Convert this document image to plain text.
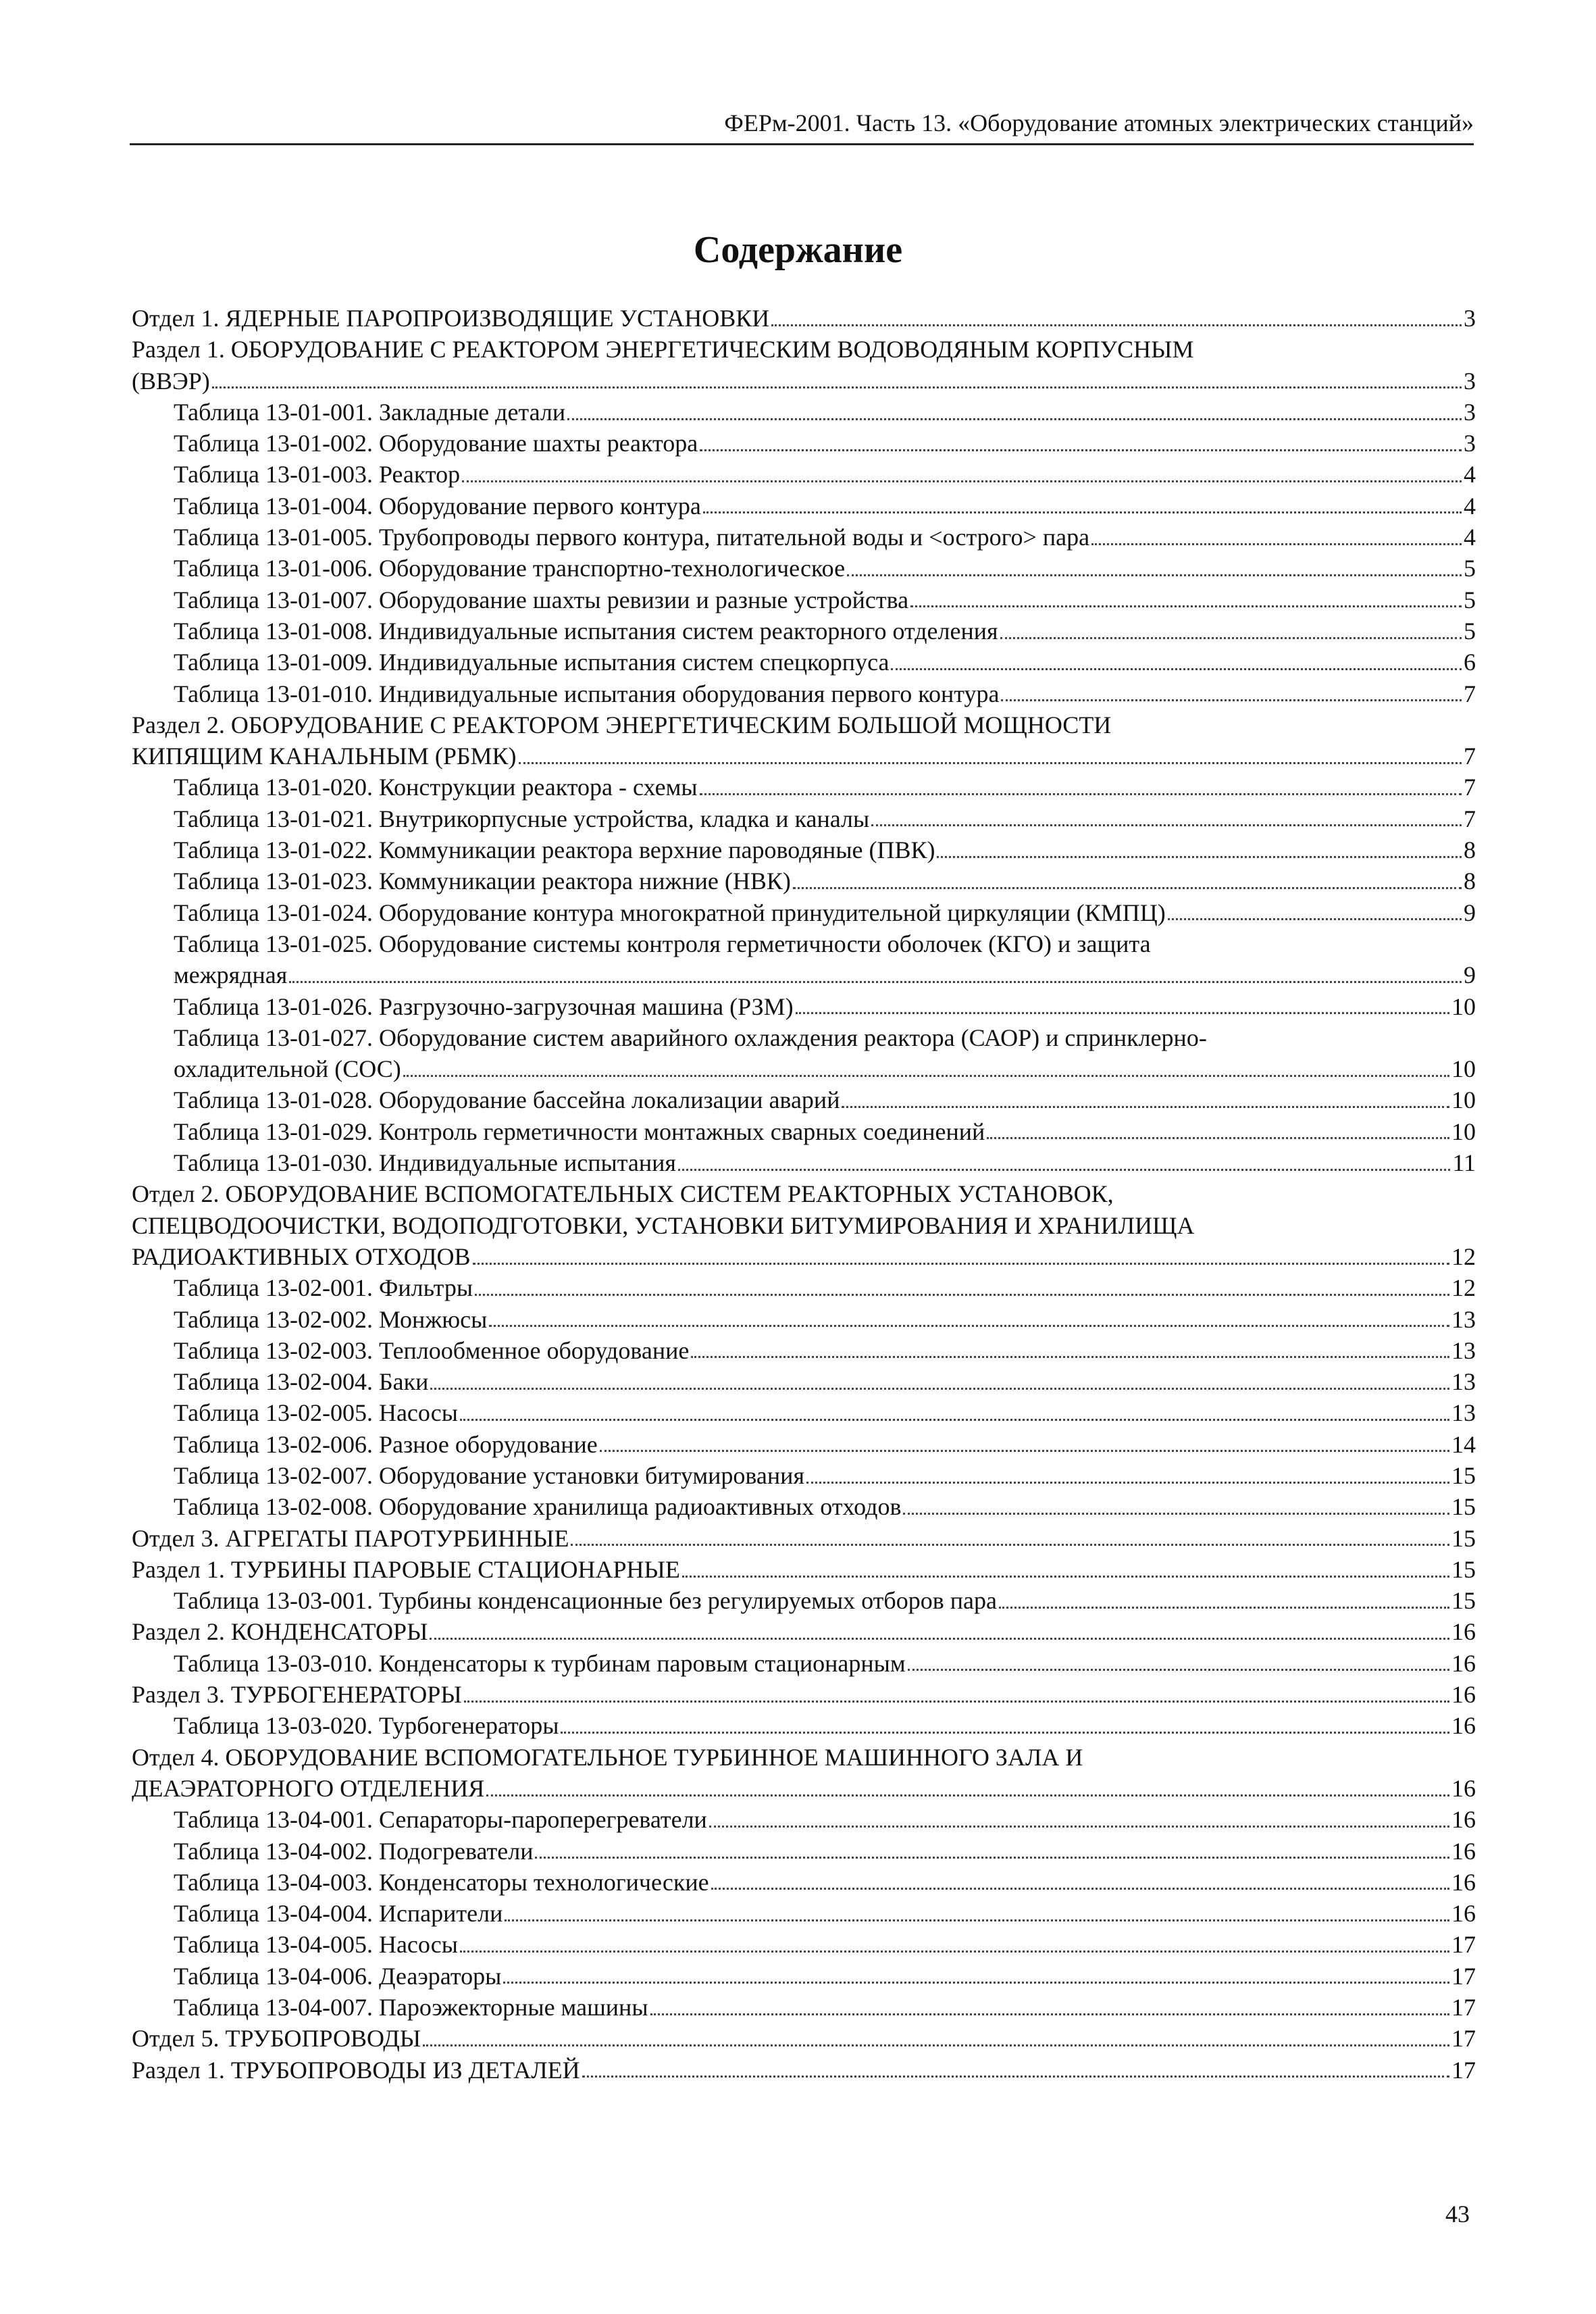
ФЕРм-2001. Часть 13. «Оборудование атомных электрических станций»
Содержание
Отдел 1. ЯДЕРНЫЕ ПАРОПРОИЗВОДЯЩИЕ УСТАНОВКИ	3
Раздел 1. ОБОРУДОВАНИЕ С РЕАКТОРОМ ЭНЕРГЕТИЧЕСКИМ ВОДОВОДЯНЫМ КОРПУСНЫМ
(ВВЭР)	3
Таблица 13-01-001. Закладные детали	3
Таблица 13-01-002. Оборудование шахты реактора	3
Таблица 13-01-003. Реактор	4
Таблица 13-01-004. Оборудование первого контура	4
Таблица 13-01-005. Трубопроводы первого контура, питательной воды и <острого> пара	4
Таблица 13-01-006. Оборудование транспортно-технологическое	5
Таблица 13-01-007. Оборудование шахты ревизии и разные устройства	5
Таблица 13-01-008. Индивидуальные испытания систем реакторного отделения	5
Таблица 13-01-009. Индивидуальные испытания систем спецкорпуса	6
Таблица 13-01-010. Индивидуальные испытания оборудования первого контура	7
Раздел 2. ОБОРУДОВАНИЕ С РЕАКТОРОМ ЭНЕРГЕТИЧЕСКИМ БОЛЬШОЙ МОЩНОСТИ
КИПЯЩИМ КАНАЛЬНЫМ (РБМК)	7
Таблица 13-01-020. Конструкции реактора - схемы	7
Таблица 13-01-021. Внутрикорпусные устройства, кладка и каналы	7
Таблица 13-01-022. Коммуникации реактора верхние пароводяные (ПВК)	8
Таблица 13-01-023. Коммуникации реактора нижние (НВК)	8
Таблица 13-01-024. Оборудование контура многократной принудительной циркуляции (КМПЦ)	9
Таблица 13-01-025. Оборудование системы контроля герметичности оболочек (КГО) и защита
межрядная	9
Таблица 13-01-026. Разгрузочно-загрузочная машина (РЗМ)	10
Таблица 13-01-027. Оборудование систем аварийного охлаждения реактора (САОР) и спринклерно-
охладительной (СОС)	10
Таблица 13-01-028. Оборудование бассейна локализации аварий	10
Таблица 13-01-029. Контроль герметичности монтажных сварных соединений	10
Таблица 13-01-030. Индивидуальные испытания	11
Отдел 2. ОБОРУДОВАНИЕ ВСПОМОГАТЕЛЬНЫХ СИСТЕМ РЕАКТОРНЫХ УСТАНОВОК,
СПЕЦВОДООЧИСТКИ, ВОДОПОДГОТОВКИ, УСТАНОВКИ БИТУМИРОВАНИЯ И ХРАНИЛИЩА
РАДИОАКТИВНЫХ ОТХОДОВ	12
Таблица 13-02-001. Фильтры	12
Таблица 13-02-002. Монжюсы	13
Таблица 13-02-003. Теплообменное оборудование	13
Таблица 13-02-004. Баки	13
Таблица 13-02-005. Насосы	13
Таблица 13-02-006. Разное оборудование	14
Таблица 13-02-007. Оборудование установки битумирования	15
Таблица 13-02-008. Оборудование хранилища радиоактивных отходов	15
Отдел 3. АГРЕГАТЫ ПАРОТУРБИННЫЕ	15
Раздел 1. ТУРБИНЫ ПАРОВЫЕ СТАЦИОНАРНЫЕ	15
Таблица 13-03-001. Турбины конденсационные без регулируемых отборов пара	15
Раздел 2. КОНДЕНСАТОРЫ	16
Таблица 13-03-010. Конденсаторы к турбинам паровым стационарным	16
Раздел 3. ТУРБОГЕНЕРАТОРЫ	16
Таблица 13-03-020. Турбогенераторы	16
Отдел 4. ОБОРУДОВАНИЕ ВСПОМОГАТЕЛЬНОЕ ТУРБИННОЕ МАШИННОГО ЗАЛА И
ДЕАЭРАТОРНОГО ОТДЕЛЕНИЯ	16
Таблица 13-04-001. Сепараторы-пароперегреватели	16
Таблица 13-04-002. Подогреватели	16
Таблица 13-04-003. Конденсаторы технологические	16
Таблица 13-04-004. Испарители	16
Таблица 13-04-005. Насосы	17
Таблица 13-04-006. Деаэраторы	17
Таблица 13-04-007. Пароэжекторные машины	17
Отдел 5. ТРУБОПРОВОДЫ	17
Раздел 1. ТРУБОПРОВОДЫ ИЗ ДЕТАЛЕЙ	17
43
